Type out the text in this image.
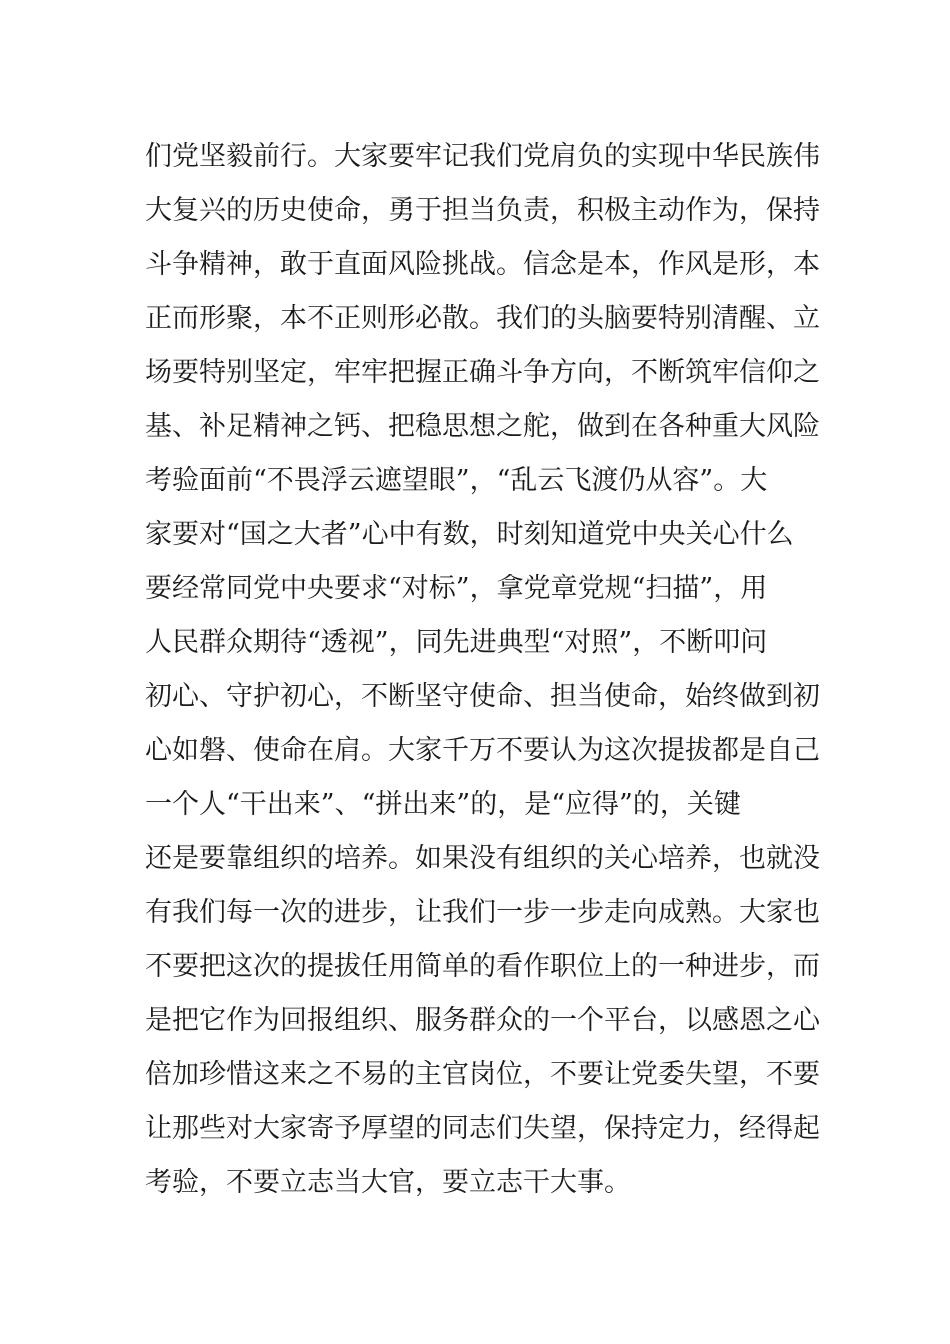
们党坚毅前行。大家要牢记我们党肩负的实现中华民族伟
大复兴的历史使命，勇于担当负责，积极主动作为，保持
斗争精神，敢于直面风险挑战。信念是本，作风是形，本
正而形聚，本不正则形必散。我们的头脑要特别清醒、立
场要特别坚定，牢牢把握正确斗争方向，不断筑牢信仰之
基、补足精神之钙、把稳思想之舵，做到在各种重大风险
考验面前“不畏浮云遮望眼”，“乱云飞渡仍从容”。大
家要对“国之大者”心中有数，时刻知道党中央关心什么
要经常同党中央要求“对标”，拿党章党规“扫描”，用
人民群众期待“透视”，同先进典型“对照”，不断叩问
初心、守护初心，不断坚守使命、担当使命，始终做到初
心如磐、使命在肩。大家千万不要认为这次提拔都是自己
一个人“干出来”、“拼出来”的，是“应得”的，关键
还是要靠组织的培养。如果没有组织的关心培养，也就没
有我们每一次的进步，让我们一步一步走向成熟。大家也
不要把这次的提拔任用简单的看作职位上的一种进步，而
是把它作为回报组织、服务群众的一个平台，以感恩之心
倍加珍惜这来之不易的主官岗位，不要让党委失望，不要
让那些对大家寄予厚望的同志们失望，保持定力，经得起
考验，不要立志当大官，要立志干大事。
